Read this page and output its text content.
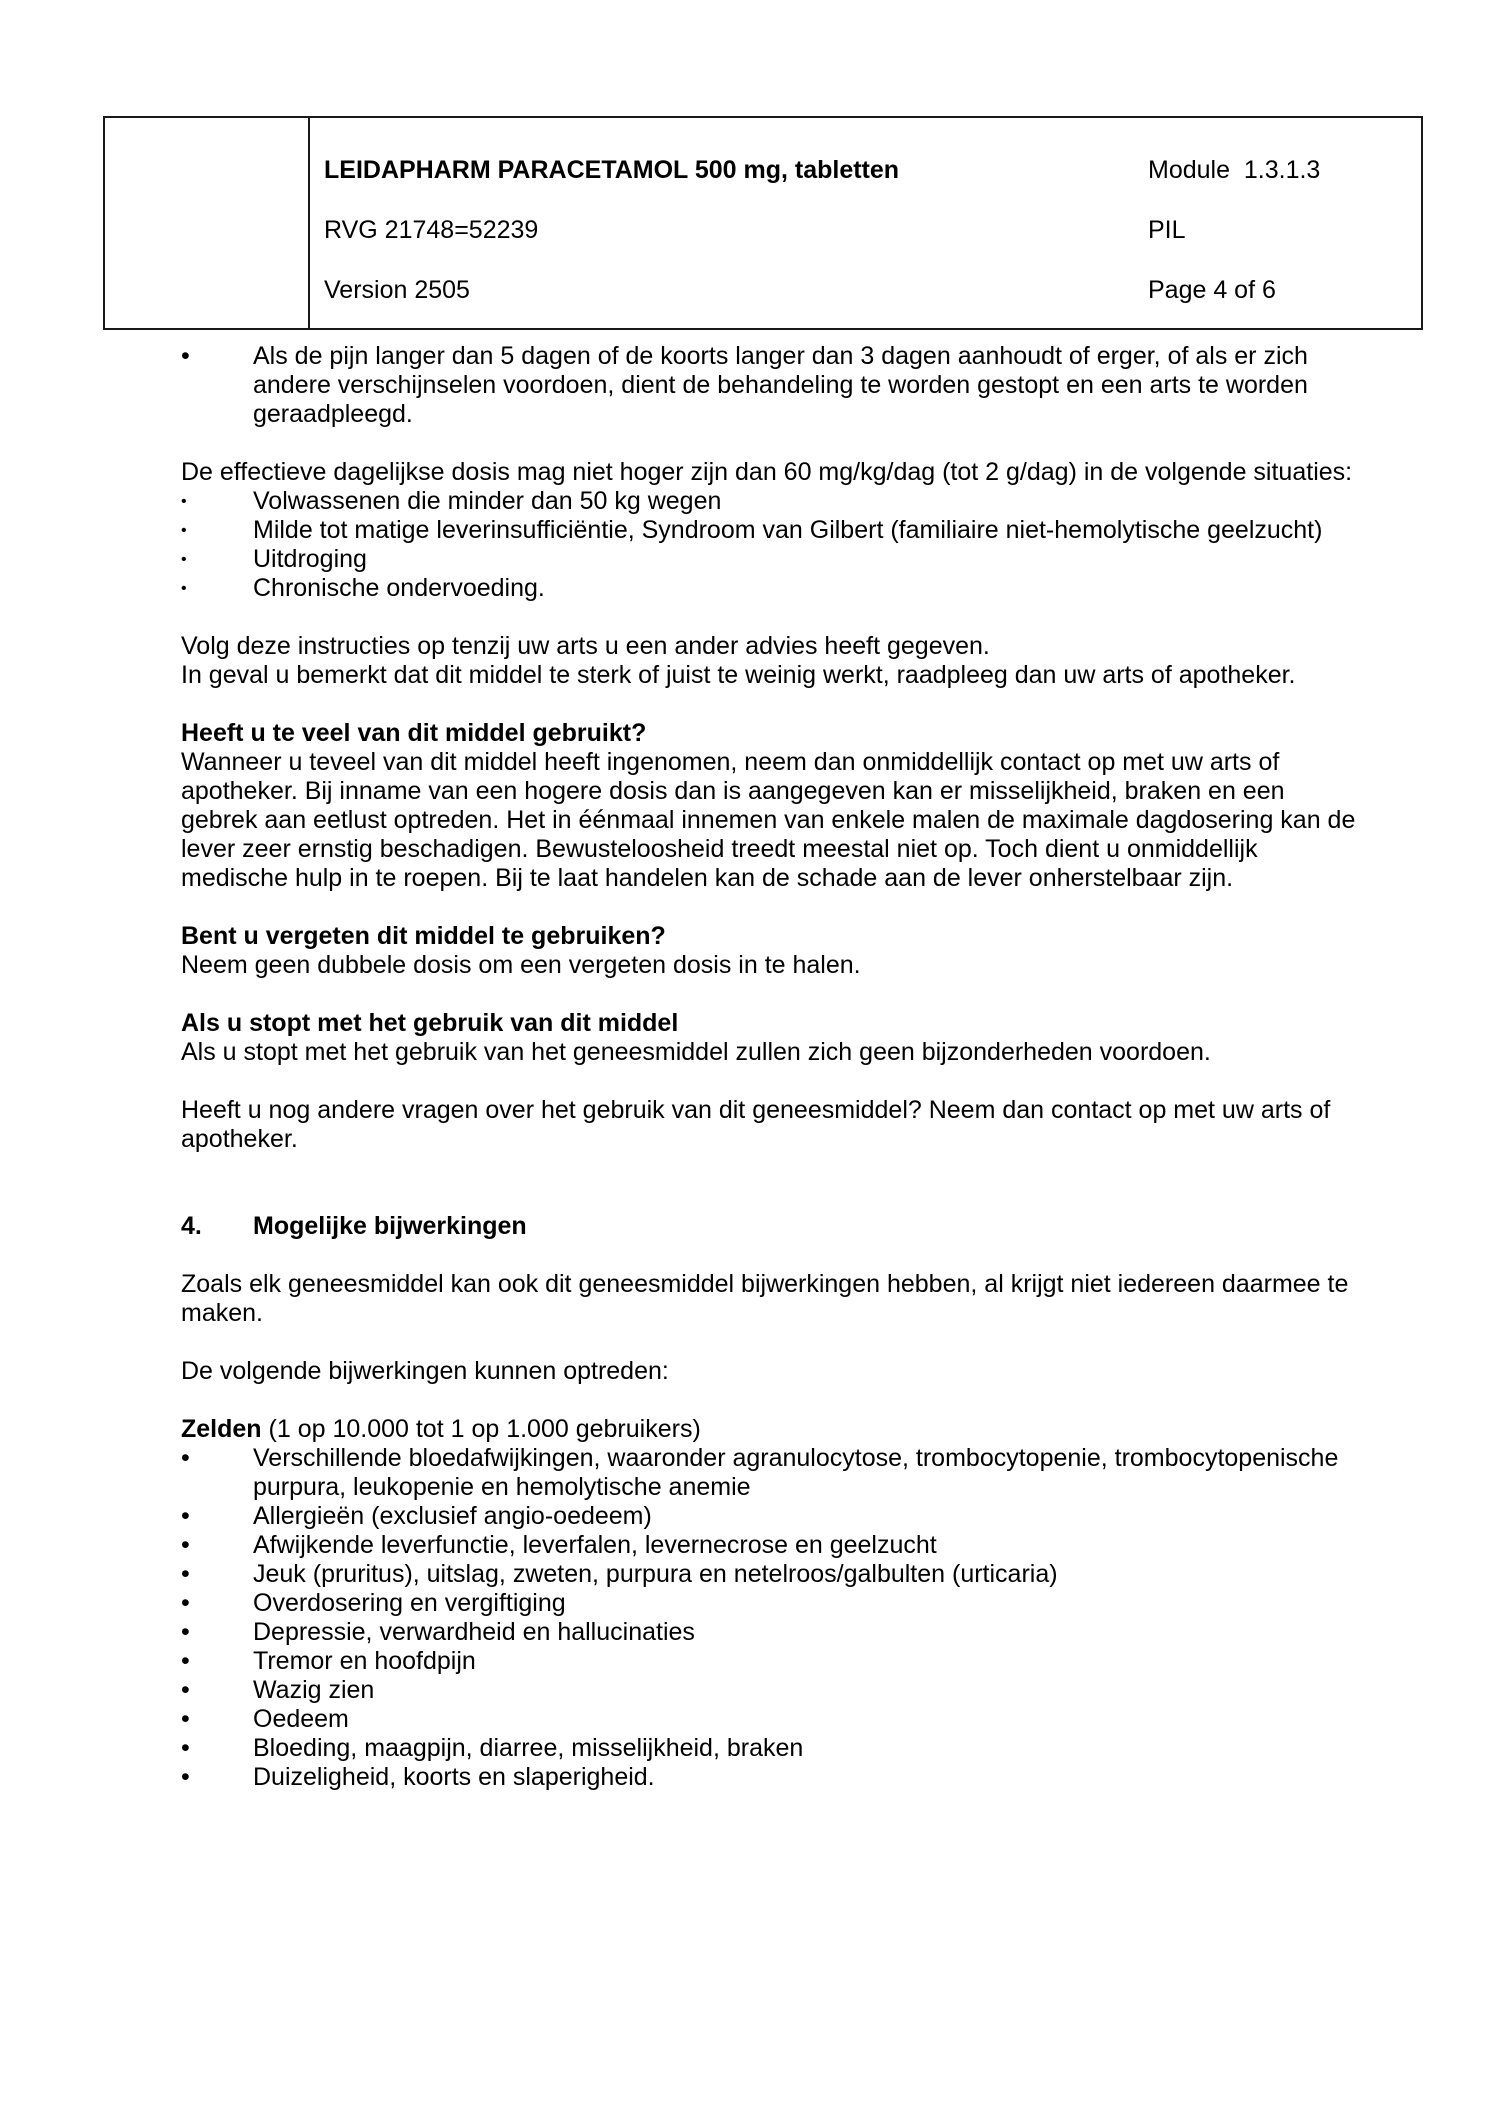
LEIDAPHARM PARACETAMOL 500 mg, tabletten	Module  1.3.1.3
RVG 21748=52239	PIL
Version 2505	Page 4 of 6
•	Als de pijn langer dan 5 dagen of de koorts langer dan 3 dagen aanhoudt of erger, of als er zich andere verschijnselen voordoen, dient de behandeling te worden gestopt en een arts te worden geraadpleegd.
De effectieve dagelijkse dosis mag niet hoger zijn dan 60 mg/kg/dag (tot 2 g/dag) in de volgende situaties:
•	Volwassenen die minder dan 50 kg wegen
•	Milde tot matige leverinsufficiëntie, Syndroom van Gilbert (familiaire niet-hemolytische geelzucht)
•	Uitdroging
•	Chronische ondervoeding.
Volg deze instructies op tenzij uw arts u een ander advies heeft gegeven.
In geval u bemerkt dat dit middel te sterk of juist te weinig werkt, raadpleeg dan uw arts of apotheker.
Heeft u te veel van dit middel gebruikt?
Wanneer u teveel van dit middel heeft ingenomen, neem dan onmiddellijk contact op met uw arts of apotheker. Bij inname van een hogere dosis dan is aangegeven kan er misselijkheid, braken en een gebrek aan eetlust optreden. Het in éénmaal innemen van enkele malen de maximale dagdosering kan de lever zeer ernstig beschadigen. Bewusteloosheid treedt meestal niet op. Toch dient u onmiddellijk medische hulp in te roepen. Bij te laat handelen kan de schade aan de lever onherstelbaar zijn.
Bent u vergeten dit middel te gebruiken?
Neem geen dubbele dosis om een vergeten dosis in te halen.
Als u stopt met het gebruik van dit middel
Als u stopt met het gebruik van het geneesmiddel zullen zich geen bijzonderheden voordoen.
Heeft u nog andere vragen over het gebruik van dit geneesmiddel? Neem dan contact op met uw arts of apotheker.
4.	Mogelijke bijwerkingen
Zoals elk geneesmiddel kan ook dit geneesmiddel bijwerkingen hebben, al krijgt niet iedereen daarmee te maken.
De volgende bijwerkingen kunnen optreden:
Zelden (1 op 10.000 tot 1 op 1.000 gebruikers)
•	Verschillende bloedafwijkingen, waaronder agranulocytose, trombocytopenie, trombocytopenische purpura, leukopenie en hemolytische anemie
•	Allergieën (exclusief angio-oedeem)
•	Afwijkende leverfunctie, leverfalen, levernecrose en geelzucht
•	Jeuk (pruritus), uitslag, zweten, purpura en netelroos/galbulten (urticaria)
•	Overdosering en vergiftiging
•	Depressie, verwardheid en hallucinaties
•	Tremor en hoofdpijn
•	Wazig zien
•	Oedeem
•	Bloeding, maagpijn, diarree, misselijkheid, braken
•	Duizeligheid, koorts en slaperigheid.
